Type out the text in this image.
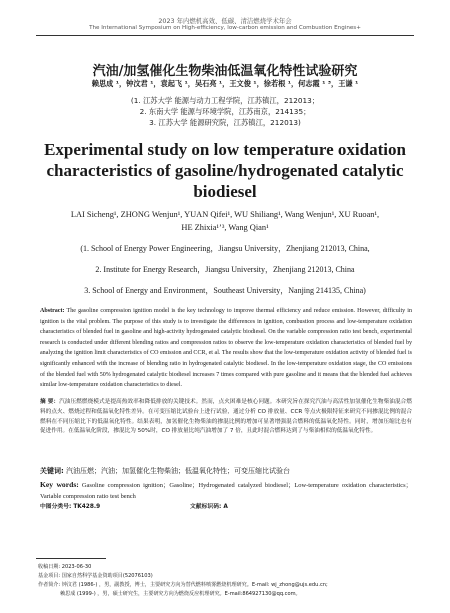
2023 年内燃机高效、低碳、清洁燃烧学术年会
The International Symposium on High-efficiency, low-carbon emission and Combustion Engines+
汽油/加氢催化生物柴油低温氧化特性试验研究
赖思成 ¹，钟汶君 ¹，袁起飞 ¹，吴石亮 ¹，王文俊 ¹，徐若根 ¹，何志霞 ¹ ³，王谦 ¹
(1. 江苏大学 能源与动力工程学院，江苏镇江，212013；
2. 东南大学 能源与环境学院，江苏南京，214135；
3. 江苏大学 能源研究院，江苏镇江，212013)
Experimental study on low temperature oxidation
characteristics of gasoline/hydrogenated catalytic
biodiesel
LAI Sicheng¹, ZHONG Wenjun¹, YUAN Qifei¹, WU Shiliang¹, Wang Wenjun¹, XU Ruoan¹,
HE Zhixia¹ʼ³, Wang Qian¹
(1. School of Energy Power Engineering，Jiangsu University，Zhenjiang 212013, China,
2. Institute for Energy Research，Jiangsu University，Zhenjiang 212013, China
3. School of Energy and Environment，Southeast University，Nanjing 214135, China)
Abstract: The gasoline compression ignition model is the key technology to improve thermal efficiency and reduce emission. However, difficulty in ignition is the vital problem. The purpose of this study is to investigate the differences in ignition, combustion process and low-temperature oxidation characteristics of blended fuel in gasoline and high-activity hydrogenated catalytic biodiesel. On the variable compression ratio test bench, experimental research is conducted under different blending ratios and compression ratios to observe the low-temperature oxidation characteristics of blended fuel by analyzing the ignition limit characteristics of CO emission and CCR, et al. The results show that the low-temperature oxidation activity of blended fuel is significantly enhanced with the increase of blending ratio in hydrogenated catalytic biodiesel. In the low-temperature oxidation stage, the CO emissions of the blended fuel with 50% hydrogenated catalytic biodiesel increases 7 times compared with pure gasoline and it means that the blended fuel achieves similar low-temperature oxidation characteristics to diesel.
摘 要：汽油压燃燃烧模式是提高热效率和降低排放的关键技术。然而，点火困难是核心问题。本研究旨在探究汽油与高活性加氢催化生物柴油混合燃料的点火、燃烧过程和低温氧化特性差异。在可变压缩比试验台上进行试验，通过分析 CO 排放量、CCR 等点火极限特征来研究不同掺混比例的混合燃料在不同压缩比下的低温氧化特性。结果表明，加氢催化生物柴油的掺混比例的增加可显著增强混合燃料的低温氧化特性。同时，增加压缩比也有促进作用。在低温氧化阶段，掺混比为 50%时，CO 排放量比纯汽油增加了 7 倍，且此时混合燃料达到了与柴油相似的低温氧化特性。
关键词: 汽油压燃；汽油；加氢催化生物柴油；低温氧化特性；可变压缩比试验台
Key words: Gasoline compression ignition；Gasoline；Hydrogenated catalyzed biodiesel；Low-temperature oxidation characteristics；Variable compression ratio test bench
中图分类号: TK428.9	文献标识码: A
收稿日期: 2023-06-30
基金项目: 国家自然科学基金资助项目(52076103)
作者简介: 钟汶君 (1986-) ，男，副教授，博士，主要研究方向为替代燃料喷雾燃烧机理研究。E-mail: wj_zhong@ujs.edu.cn;
赖思成 (1999-) ，男，硕士研究生，主要研究方向为燃烧反应机理研究。E-mail:864927130@qq.com。
